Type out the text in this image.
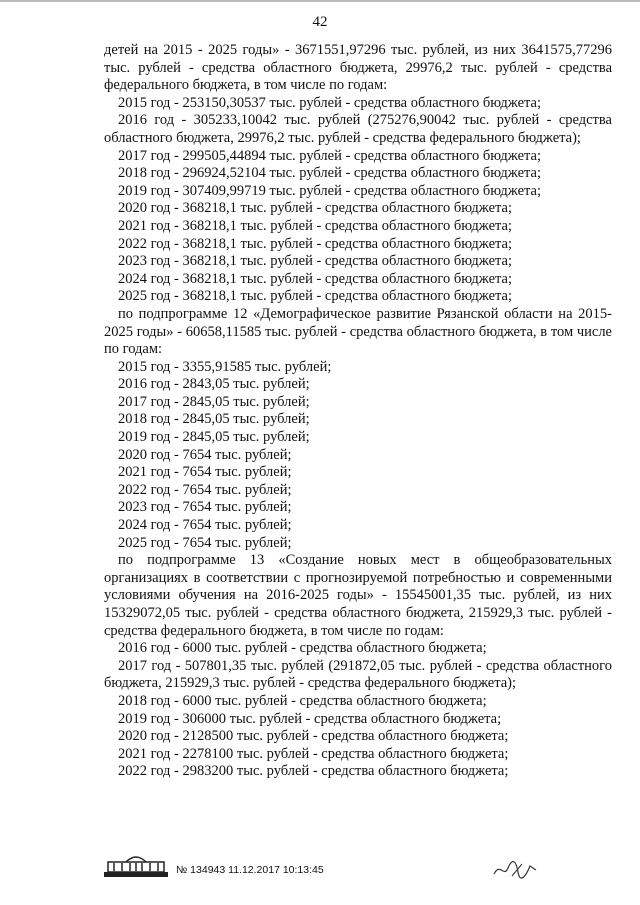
42

детей на 2015 - 2025 годы» - 3671551,97296 тыс. рублей, из них 3641575,77296 тыс. рублей - средства областного бюджета, 29976,2 тыс. рублей - средства федерального бюджета, в том числе по годам:

2015 год - 253150,30537 тыс. рублей - средства областного бюджета;

2016 год - 305233,10042 тыс. рублей (275276,90042 тыс. рублей - средства областного бюджета, 29976,2 тыс. рублей - средства федерального бюджета);

2017 год - 299505,44894 тыс. рублей - средства областного бюджета;

2018 год - 296924,52104 тыс. рублей - средства областного бюджета;

2019 год - 307409,99719 тыс. рублей - средства областного бюджета;

2020 год - 368218,1 тыс. рублей - средства областного бюджета;

2021 год - 368218,1 тыс. рублей - средства областного бюджета;

2022 год - 368218,1 тыс. рублей - средства областного бюджета;

2023 год - 368218,1 тыс. рублей - средства областного бюджета;

2024 год - 368218,1 тыс. рублей - средства областного бюджета;

2025 год - 368218,1 тыс. рублей - средства областного бюджета;

по подпрограмме 12 «Демографическое развитие Рязанской области на 2015-2025 годы» - 60658,11585 тыс. рублей - средства областного бюджета, в том числе по годам:

2015 год - 3355,91585 тыс. рублей;

2016 год - 2843,05 тыс. рублей;

2017 год - 2845,05 тыс. рублей;

2018 год - 2845,05 тыс. рублей;

2019 год - 2845,05 тыс. рублей;

2020 год - 7654 тыс. рублей;

2021 год - 7654 тыс. рублей;

2022 год - 7654 тыс. рублей;

2023 год - 7654 тыс. рублей;

2024 год - 7654 тыс. рублей;

2025 год - 7654 тыс. рублей;

по подпрограмме 13 «Создание новых мест в общеобразовательных организациях в соответствии с прогнозируемой потребностью и современными условиями обучения на 2016-2025 годы» - 15545001,35 тыс. рублей, из них 15329072,05 тыс. рублей - средства областного бюджета, 215929,3 тыс. рублей - средства федерального бюджета, в том числе по годам:

2016 год - 6000 тыс. рублей - средства областного бюджета;

2017 год - 507801,35 тыс. рублей (291872,05 тыс. рублей - средства областного бюджета, 215929,3 тыс. рублей - средства федерального бюджета);

2018 год - 6000 тыс. рублей - средства областного бюджета;

2019 год - 306000 тыс. рублей - средства областного бюджета;

2020 год - 2128500 тыс. рублей - средства областного бюджета;

2021 год - 2278100 тыс. рублей - средства областного бюджета;

2022 год - 2983200 тыс. рублей - средства областного бюджета;

№ 134943 11.12.2017 10:13:45
